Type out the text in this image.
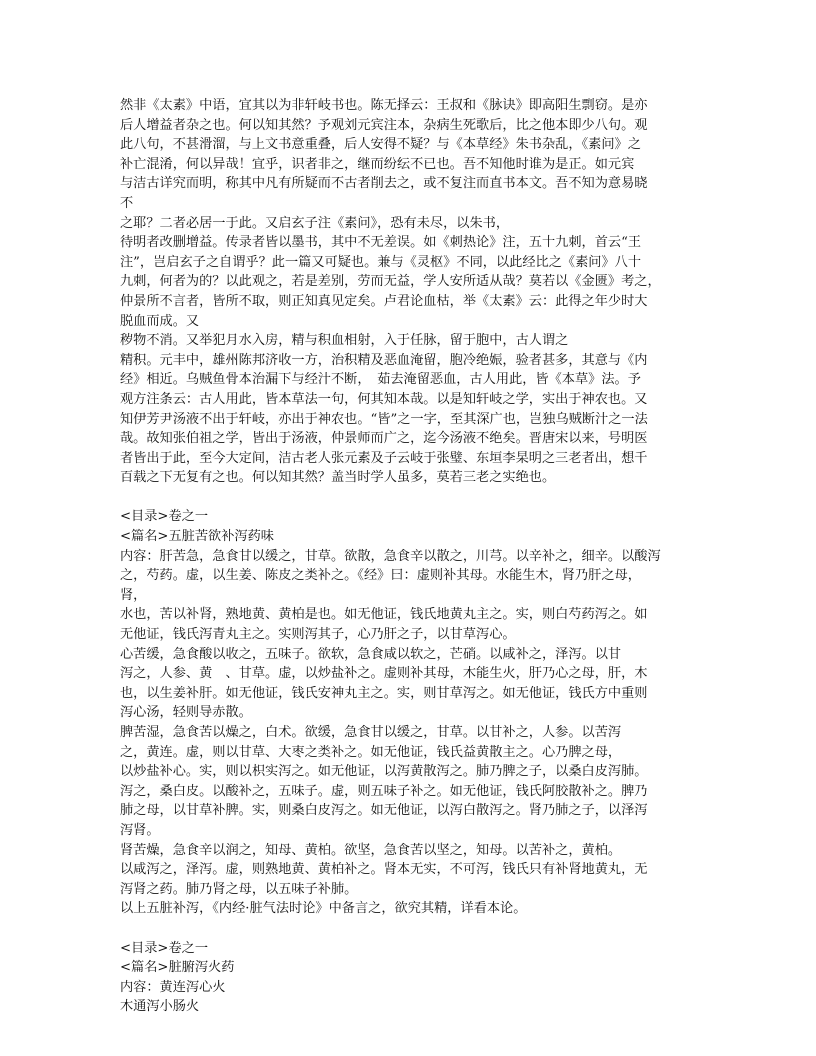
然非《太素》中语，宜其以为非轩岐书也。陈无择云：王叔和《脉诀》即高阳生剽窃。是亦
后人增益者杂之也。何以知其然？予观刘元宾注本，杂病生死歌后，比之他本即少八句。观
此八句，不甚滑溜，与上文书意重叠，后人安得不疑？与《本草经》朱书杂乱，《素问》之
补亡混淆，何以异哉！宜乎，识者非之，继而纷纭不已也。吾不知他时谁为是正。如元宾
与洁古详究而明，称其中凡有所疑而不古者削去之，或不复注而直书本文。吾不知为意易晓
不
之耶？二者必居一于此。又启玄子注《素问》，恐有未尽，以朱书，
待明者改删增益。传录者皆以墨书，其中不无差误。如《刺热论》注，五十九刺，首云“王
注”，岂启玄子之自谓乎？此一篇又可疑也。兼与《灵枢》不同，以此经比之《素问》八十
九刺，何者为的？以此观之，若是差别，劳而无益，学人安所适从哉？莫若以《金匮》考之，
仲景所不言者，皆所不取，则正知真见定矣。卢君论血枯，举《太素》云：此得之年少时大
脱血而成。又
秽物不消。又举犯月水入房，精与积血相射，入于任脉，留于胞中，古人谓之
精积。元丰中，雄州陈邦济收一方，治积精及恶血淹留，胞冷绝娠，验者甚多，其意与《内
经》相近。乌贼鱼骨本治漏下与经汁不断，　茹去淹留恶血，古人用此，皆《本草》法。予
观方注条云：古人用此，皆本草法一句，何其知本哉。以是知轩岐之学，实出于神农也。又
知伊芳尹汤液不出于轩岐，亦出于神农也。“皆”之一字，至其深广也，岂独乌贼断汁之一法
哉。故知张伯祖之学，皆出于汤液，仲景师而广之，迄今汤液不绝矣。晋唐宋以来，号明医
者皆出于此，至今大定间，洁古老人张元素及子云岐于张璧、东垣李杲明之三老者出，想千
百载之下无复有之也。何以知其然？盖当时学人虽多，莫若三老之实绝也。
<目录>卷之一
<篇名>五脏苦欲补泻药味
内容：肝苦急，急食甘以缓之，甘草。欲散，急食辛以散之，川芎。以辛补之，细辛。以酸泻
之，芍药。虚，以生姜、陈皮之类补之。《经》曰：虚则补其母。水能生木，肾乃肝之母，
肾，
水也，苦以补肾，熟地黄、黄柏是也。如无他证，钱氏地黄丸主之。实，则白芍药泻之。如
无他证，钱氏泻青丸主之。实则泻其子，心乃肝之子，以甘草泻心。
心苦缓，急食酸以收之，五味子。欲软，急食咸以软之，芒硝。以咸补之，泽泻。以甘
泻之，人参、黄　、甘草。虚，以炒盐补之。虚则补其母，木能生火，肝乃心之母，肝，木
也，以生姜补肝。如无他证，钱氏安神丸主之。实，则甘草泻之。如无他证，钱氏方中重则
泻心汤，轻则导赤散。
脾苦湿，急食苦以燥之，白术。欲缓，急食甘以缓之，甘草。以甘补之，人参。以苦泻
之，黄连。虚，则以甘草、大枣之类补之。如无他证，钱氏益黄散主之。心乃脾之母，
以炒盐补心。实，则以枳实泻之。如无他证，以泻黄散泻之。肺乃脾之子，以桑白皮泻肺。
泻之，桑白皮。以酸补之，五味子。虚，则五味子补之。如无他证，钱氏阿胶散补之。脾乃
肺之母，以甘草补脾。实，则桑白皮泻之。如无他证，以泻白散泻之。肾乃肺之子，以泽泻
泻肾。
肾苦燥，急食辛以润之，知母、黄柏。欲坚，急食苦以坚之，知母。以苦补之，黄柏。
以咸泻之，泽泻。虚，则熟地黄、黄柏补之。肾本无实，不可泻，钱氏只有补肾地黄丸，无
泻肾之药。肺乃肾之母，以五味子补肺。
以上五脏补泻，《内经·脏气法时论》中备言之，欲究其精，详看本论。
<目录>卷之一
<篇名>脏腑泻火药
内容：黄连泻心火
木通泻小肠火
